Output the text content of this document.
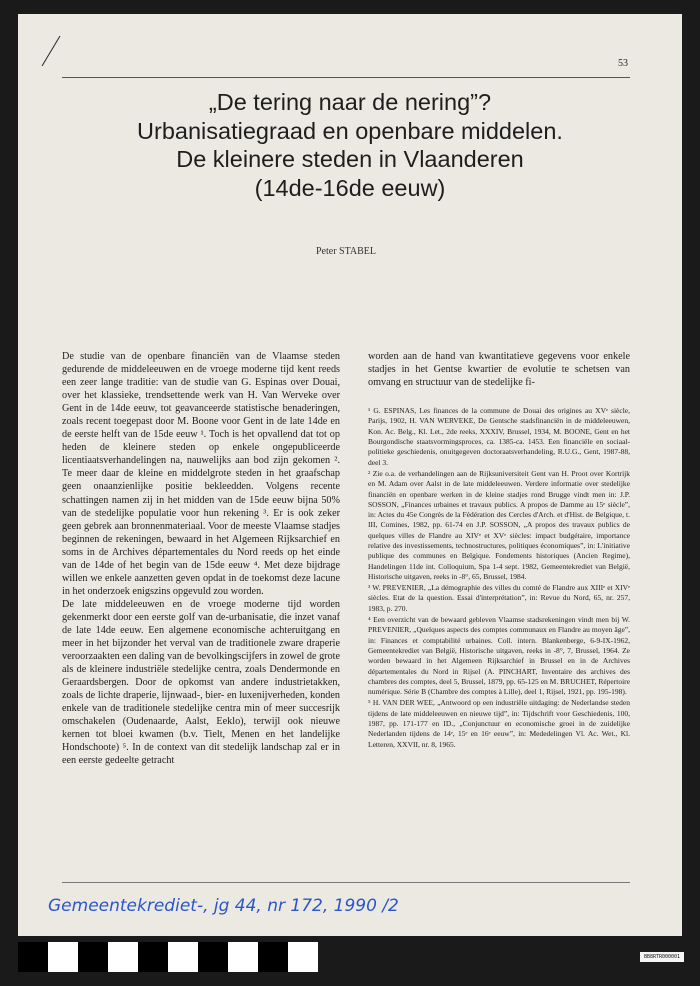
53
„De tering naar de nering”?
Urbanisatiegraad en openbare middelen.
De kleinere steden in Vlaanderen
(14de-16de eeuw)
Peter STABEL

De studie van de openbare financiën van de Vlaamse steden gedurende de middeleeuwen en de vroege moderne tijd kent reeds een zeer lange traditie: van de studie van G. Espinas over Douai, over het klassieke, trendsettende werk van H. Van Werveke over Gent in de 14de eeuw, tot geavanceerde statistische benaderingen, zoals recent toegepast door M. Boone voor Gent in de late 14de en de eerste helft van de 15de eeuw ¹. Toch is het opvallend dat tot op heden de kleinere steden op enkele ongepubliceerde licentiaatsverhandelingen na, nauwelijks aan bod zijn gekomen ². Te meer daar de kleine en middelgrote steden in het graafschap geen onaanzienlijke positie bekleedden. Volgens recente schattingen namen zij in het midden van de 15de eeuw bijna 50% van de stedelijke populatie voor hun rekening ³. Er is ook zeker geen gebrek aan bronnenmateriaal. Voor de meeste Vlaamse stadjes beginnen de rekeningen, bewaard in het Algemeen Rijksarchief en soms in de Archives départementales du Nord reeds op het einde van de 14de of het begin van de 15de eeuw ⁴. Met deze bijdrage willen we enkele aanzetten geven opdat in de toekomst deze lacune in het onderzoek enigszins opgevuld zou worden.

De late middeleeuwen en de vroege moderne tijd worden gekenmerkt door een eerste golf van de-urbanisatie, die inzet vanaf de late 14de eeuw. Een algemene economische achteruitgang en meer in het bijzonder het verval van de traditionele zware draperie veroorzaakten een daling van de bevolkingscijfers in zowel de grote als de kleinere industriële stedelijke centra, zoals Dendermonde en Geraardsbergen. Door de opkomst van andere industrietakken, zoals de lichte draperie, lijnwaad-, bier- en luxenijverheden, konden enkele van de traditionele stedelijke centra min of meer succesrijk omschakelen (Oudenaarde, Aalst, Eeklo), terwijl ook nieuwe kernen tot bloei kwamen (b.v. Tielt, Menen en het landelijke Hondschoote) ⁵. In de context van dit stedelijk landschap zal er in een eerste gedeelte getracht

worden aan de hand van kwantitatieve gegevens voor enkele stadjes in het Gentse kwartier de evolutie te schetsen van omvang en structuur van de stedelijke fi-

¹ G. ESPINAS, Les finances de la commune de Douai des origines au XVᵉ siècle, Parijs, 1902, H. VAN WERVEKE, De Gentsche stadsfinanciën in de middeleeuwen, Kon. Ac. Belg., Kl. Let., 2de reeks, XXXIV, Brussel, 1934, M. BOONE, Gent en het Bourgondische staatsvormingsproces, ca. 1385-ca. 1453. Een financiële en sociaal-politieke geschiedenis, onuitgegeven doctoraatsverhandeling, R.U.G., Gent, 1987-88, deel 3.

² Zie o.a. de verhandelingen aan de Rijksuniversiteit Gent van H. Proot over Kortrijk en M. Adam over Aalst in de late middeleeuwen. Verdere informatie over stedelijke financiën en openbare werken in de kleine stadjes rond Brugge vindt men in: J.P. SOSSON, „Finances urbaines et travaux publics. A propos de Damme au 15ᵉ siècle”, in: Actes du 45e Congrès de la Fédération des Cercles d'Arch. et d'Hist. de Belgique, t. III, Comines, 1982, pp. 61-74 en J.P. SOSSON, „A propos des travaux publics de quelques villes de Flandre au XIVᵉ et XVᵉ siècles: impact budgétaire, importance relative des investissements, technostructures, politiques économiques”, in: L'initiative publique des communes en Belgique. Fondements historiques (Ancien Regime), Handelingen 11de int. Colloquium, Spa 1-4 sept. 1982, Gemeentekrediet van België, Historische uitgaven, reeks in -8°, 65, Brussel, 1984.

³ W. PREVENIER, „La démographie des villes du comté de Flandre aux XIIIᵉ et XIVᵉ siècles. Etat de la question. Essai d'interprétation”, in: Revue du Nord, 65, nr. 257, 1983, p. 270.

⁴ Een overzicht van de bewaard gebleven Vlaamse stadsrekeningen vindt men bij W. PREVENIER, „Quelques aspects des comptes communaux en Flandre au moyen âge”, in: Finances et comptabilité urbaines. Coll. intern. Blankenberge, 6-9-IX-1962, Gemeentekrediet van België, Historische uitgaven, reeks in -8°, 7, Brussel, 1964. Ze worden bewaard in het Algemeen Rijksarchief in Brussel en in de Archives départementales du Nord in Rijsel (A. PINCHART, Inventaire des archives des chambres des comptes, deel 5, Brussel, 1879, pp. 65-125 en M. BRUCHET, Répertoire numérique. Série B (Chambre des comptes à Lille), deel 1, Rijsel, 1921, pp. 195-198).

⁵ H. VAN DER WEE, „Antwoord op een industriële uitdaging: de Nederlandse steden tijdens de late middeleeuwen en nieuwe tijd”, in: Tijdschrift voor Geschiedenis, 100, 1987, pp. 171-177 en ID., „Conjunctuur en economische groei in de zuidelijke Nederlanden tijdens de 14ᵉ, 15ᵉ en 16ᵉ eeuw”, in: Mededelingen Vl. Ac. Wet., Kl. Letteren, XXVII, nr. 8, 1965.

Gemeentekrediet-, jg 44, nr 172, 1990 /2
BB8RTR000001
